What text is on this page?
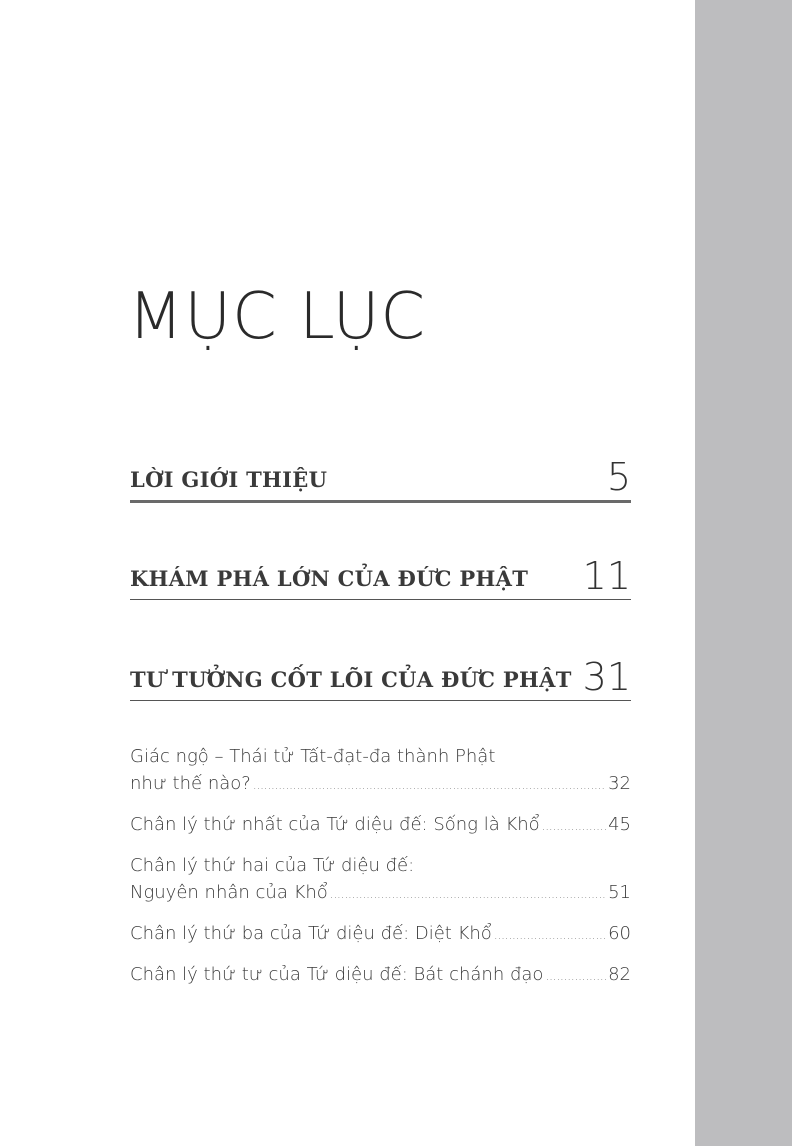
MỤC LỤC
LỜI GIỚI THIỆU	5
KHÁM PHÁ LỚN CỦA ĐỨC PHẬT 11
TƯ TƯỞNG CỐT LÕI CỦA ĐỨC PHẬT 31
Giác ngộ – Thái tử Tất-đạt-đa thành Phật
như thế nào? . . .	32
Chân lý thứ nhất của Tứ diệu đế: Sống là Khổ . . .	45
Chân lý thứ hai của Tứ diệu đế:
Nguyên nhân của Khổ . . .	51
Chân lý thứ ba của Tứ diệu đế: Diệt Khổ . . .	60
Chân lý thứ tư của Tứ diệu đế: Bát chánh đạo . . .	82
